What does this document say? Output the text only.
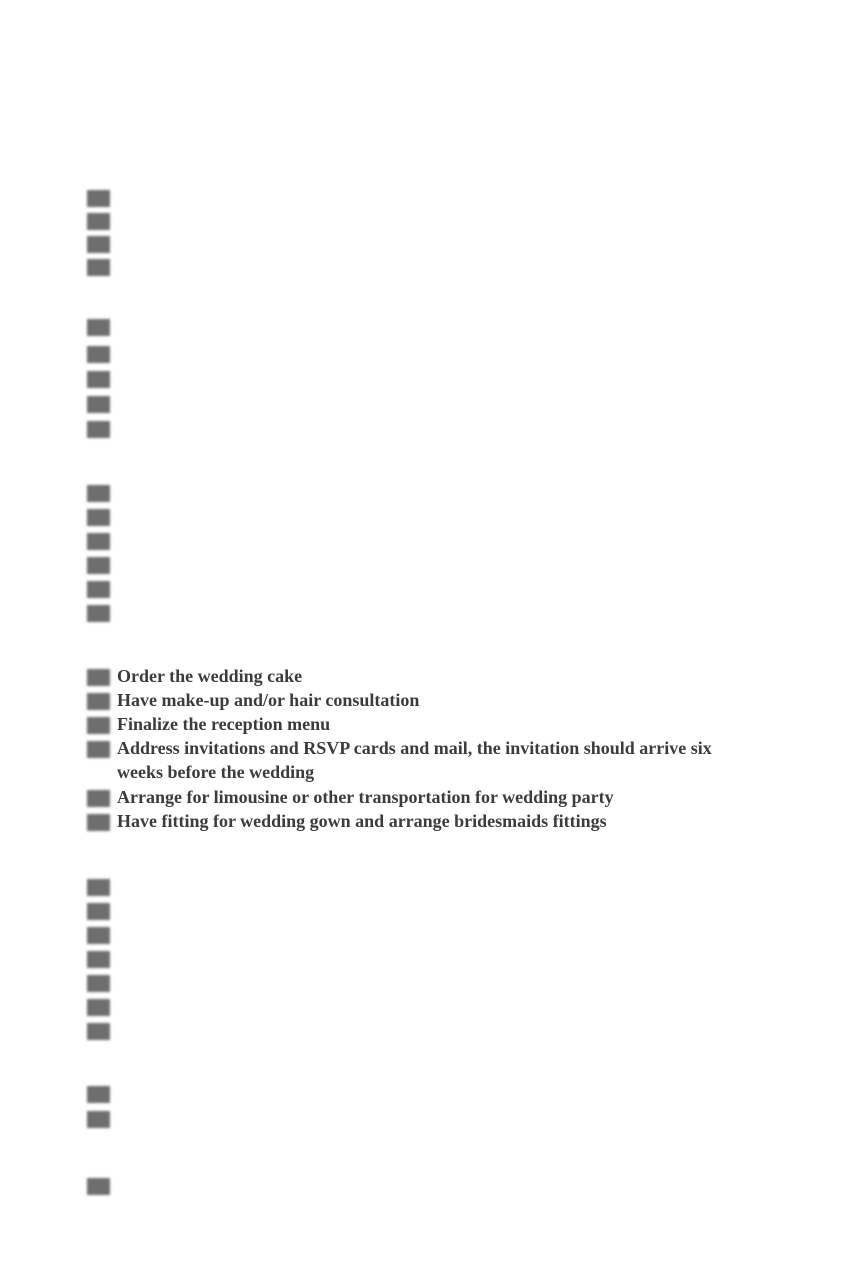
Order the wedding cake
Have make-up and/or hair consultation
Finalize the reception menu
Address invitations and RSVP cards and mail, the invitation should arrive six weeks before the wedding
Arrange for limousine or other transportation for wedding party
Have fitting for wedding gown and arrange bridesmaids fittings
